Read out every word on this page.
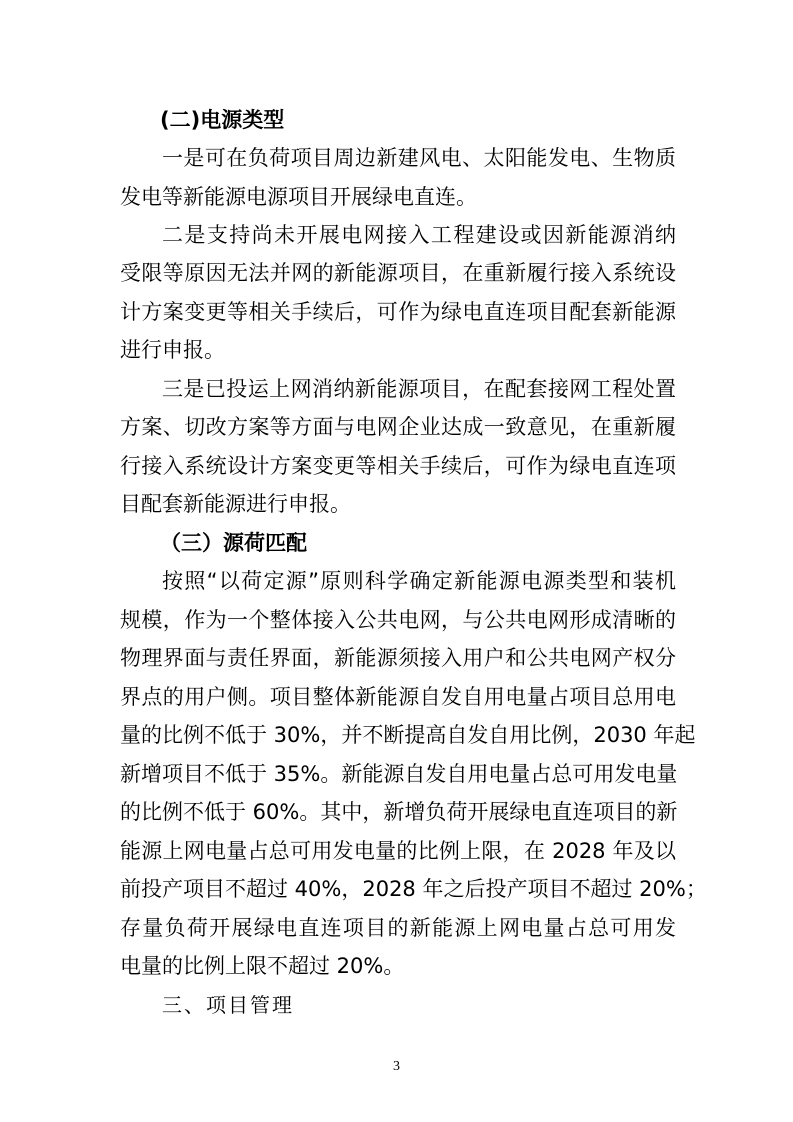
(二)电源类型
一是可在负荷项目周边新建风电、太阳能发电、生物质
发电等新能源电源项目开展绿电直连。
二是支持尚未开展电网接入工程建设或因新能源消纳
受限等原因无法并网的新能源项目，在重新履行接入系统设
计方案变更等相关手续后，可作为绿电直连项目配套新能源
进行申报。
三是已投运上网消纳新能源项目，在配套接网工程处置
方案、切改方案等方面与电网企业达成一致意见，在重新履
行接入系统设计方案变更等相关手续后，可作为绿电直连项
目配套新能源进行申报。
（三）源荷匹配
按照“以荷定源”原则科学确定新能源电源类型和装机
规模，作为一个整体接入公共电网，与公共电网形成清晰的
物理界面与责任界面，新能源须接入用户和公共电网产权分
界点的用户侧。项目整体新能源自发自用电量占项目总用电
量的比例不低于 30%，并不断提高自发自用比例，2030 年起
新增项目不低于 35%。新能源自发自用电量占总可用发电量
的比例不低于 60%。其中，新增负荷开展绿电直连项目的新
能源上网电量占总可用发电量的比例上限，在 2028 年及以
前投产项目不超过 40%，2028 年之后投产项目不超过 20%；
存量负荷开展绿电直连项目的新能源上网电量占总可用发
电量的比例上限不超过 20%。
三、项目管理
3
